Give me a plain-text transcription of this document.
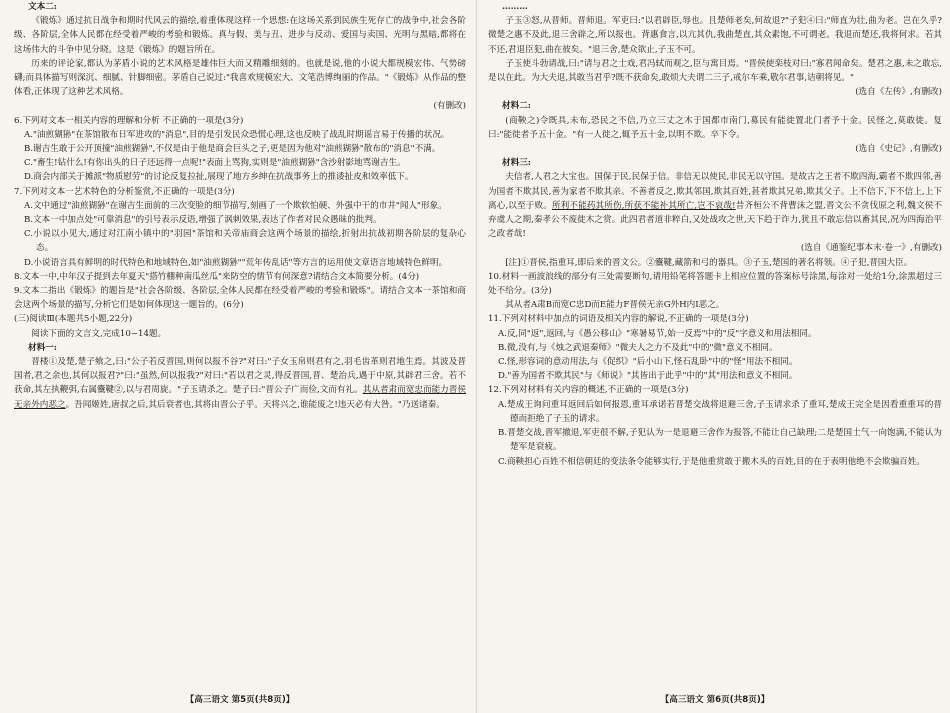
文本二:

《锻炼》通过抗日战争和期时代风云的描绘,着重体现这样一个思想:在这场关系到民族生死存亡的战争中,社会各阶级、各阶层,全体人民都在经受着严峻的考验和锻炼。真与假、美与丑、进步与反动、爱国与卖国、光明与黑暗,都将在这场伟大的斗争中见分晓。这是《锻炼》的题旨所在。

历来的评论家,都认为茅盾小说的艺术风格是雄伟巨大而又精雕细刻的。也就是说,他的小说大都规模宏伟、气势磅礴;而具体描写则深沉、细腻、针脚细密。茅盾自己说过:"我喜欢规模宏大、文笔浩博绚丽的作品。"《锻炼》从作品的整体看,正体现了这种艺术风格。

(有删改)

6.下列对文本一相关内容的理解和分析 不正确的一项是(3分)

A."油煎猢狲"在茶馆散布日军进攻的"消息",目的是引发民众恐慌心理,这也反映了战乱时期谣言易于传播的状况。

B.谢吉生敢于公开顶撞"油煎猢狲",不仅是由于他是商会巨头之子,更是因为他对"油煎猢狲"散布的"消息"不满。

C."畜生!钻什么!有你出头的日子还远得一点呢!"表面上骂狗,实则是"油煎猢狲"含沙射影地骂谢吉生。

D.商会内部关于摊派"物质慰劳"的讨论反复拉扯,展现了地方乡绅在抗战事务上的推诿扯皮和效率低下。

7.下列对文本一艺术特色的分析鉴赏,不正确的一项是(3分)

A.文中通过"油煎猢狲"在谢吉生面前的三次变脸的细节描写,刻画了一个欺软怕硬、外强中干的市井"闻人"形象。

B.文本一中加点处"可靠消息"的引号表示反语,增强了讽刺效果,表达了作者对民众愚昧的批判。

C.小说以小见大,通过对江南小镇中的"羽园"茶馆和关帝庙商会这两个场景的描绘,折射出抗战初期各阶层的复杂心态。

D.小说语言具有鲜明的时代特色和地域特色,如"油煎猢狲""荒年传乱话"等方言的运用使文章语言地域特色鲜明。

8.文本一中,中年汉子提到去年夏天"搭竹棚种南瓜丝瓜"来防空的情节有何深意?请结合文本简要分析。(4分)

9.文本二指出《锻炼》的题旨是"社会各阶级、各阶层,全体人民都在经受着严峻的考验和锻炼"。请结合文本一茶馆和商会这两个场景的描写,分析它们是如何体现这一题旨的。(6分)

(三)阅读Ⅲ(本题共5小题,22分)

阅读下面的文言文,完成10~14题。

材料一:

晋楼①及楚,楚子飨之,曰:"公子若反晋国,则何以报不谷?"对曰:"子女玉帛则君有之,羽毛齿革则君地生焉。其波及晋国者,君之余也,其何以报君?"曰:"虽然,何以报我?"对曰:"若以君之灵,得反晋国,晋、楚治兵,遇于中原,其辟君三舍。若不获命,其左执鞭弭,右属櫜鞬②,以与君周旋。"子玉请杀之。楚子曰:"晋公子广而俭,文而有礼。其从者肃而宽忠而能力晋侯无亲外内恶之。吾闻姬姓,唐叔之后,其后衰者也,其将由晋公子乎。天将兴之,谁能废之!违天必有大咎。"乃送诸秦。

【高三语文 第5页(共8页)】

………

子玉③怒,从晋师。晋师退。军吏曰:"以君辟臣,辱也。且楚师老矣,何故退?"子犯④曰:"师直为壮,曲为老。岂在久乎?微楚之惠不及此,退三舍辟之,所以报也。背惠食言,以亢其仇,我曲楚直,其众素饱,不可谓老。我退而楚还,我将何求。若其不还,君退臣犯,曲在彼矣。"退三舍,楚众欲止,子玉不可。

子玉使斗勃请战,曰:"请与君之士戏,君冯轼而观之,臣与寓目焉。"晋侯使栾枝对曰:"寡君闻命矣。楚君之惠,未之敢忘,是以在此。为大夫退,其敢当君乎?既不获命矣,敢烦大夫谓二三子,戒尔车乘,敬尔君事,诘朝将见。"

(选自《左传》,有删改)

材料二:

(商鞅之)令既具,未布,恐民之不信,乃立三丈之木于国都市南门,募民有能徙置北门者予十金。民怪之,莫敢徙。复曰:"能徙者予五十金。"有一人徙之,辄予五十金,以明不欺。卒下令。

(选自《史记》,有删改)

材料三:

夫信者,人君之大宝也。国保于民,民保于信。非信无以使民,非民无以守国。是故古之王者不欺四海,霸者不欺四邻,善为国者不欺其民,善为家者不欺其亲。不善者反之,欺其邻国,欺其百姓,甚者欺其兄弟,欺其父子。上不信下,下不信上,上下离心,以至于败。所利不能药其所伤,所获不能补其所亡,岂不哀哉!昔齐桓公不背曹沫之盟,晋文公不贪伐原之利,魏文侯不弃虞人之期,秦孝公不废徙木之赏。此四君者道非粹白,又处战攻之世,天下趋于诈力,犹且不敢忘信以畜其民,况为四海治平之政者哉!

(选自《通鉴纪事本末·卷一》,有删改)

[注]①晋侯,指重耳,即后来的晋文公。②櫜鞬,藏箭和弓的器具。③子玉,楚国的著名将领。④子犯,晋国大臣。

10.材料一画波浪线的部分有三处需要断句,请用铅笔将答题卡上相应位置的答案标号涂黑,每涂对一处给1分,涂黑超过三处不给分。(3分)

其从者A肃B而宽C忠D而E能力F晋侯无亲G外H内I恶之。

11.下列对材料中加点的词语及相关内容的解说,不正确的一项是(3分)

A.反,同"返",返回,与《愚公移山》"寒暑易节,始一反焉"中的"反"字意义和用法相同。

B.微,没有,与《烛之武退秦师》"微夫人之力不及此"中的"微"意义不相同。

C.怪,形容词的意动用法,与《促织》"后小山下,怪石乱卧"中的"怪"用法不相同。

D."善为国者不欺其民"与《师说》"其皆出于此乎"中的"其"用法和意义不相同。

12.下列对材料有关内容的概述,不正确的一项是(3分)

A.楚成王询问重耳返回后如何报恩,重耳承诺若晋楚交战将退避三舍,子玉请求杀了重耳,楚成王完全是因看重重耳的晋德而拒绝了子玉的请求。

B.晋楚交战,晋军撤退,军吏很不解,子犯认为一是退避三舍作为报答,不能让自己缺理;二是楚国士气一向饱满,不能认为楚军是衰疲。

C.商鞅担心百姓不相信朝廷的变法条令能够实行,于是他重赏敢于搬木头的百姓,目的在于表明他绝不会欺骗百姓。

【高三语文 第6页(共8页)】
